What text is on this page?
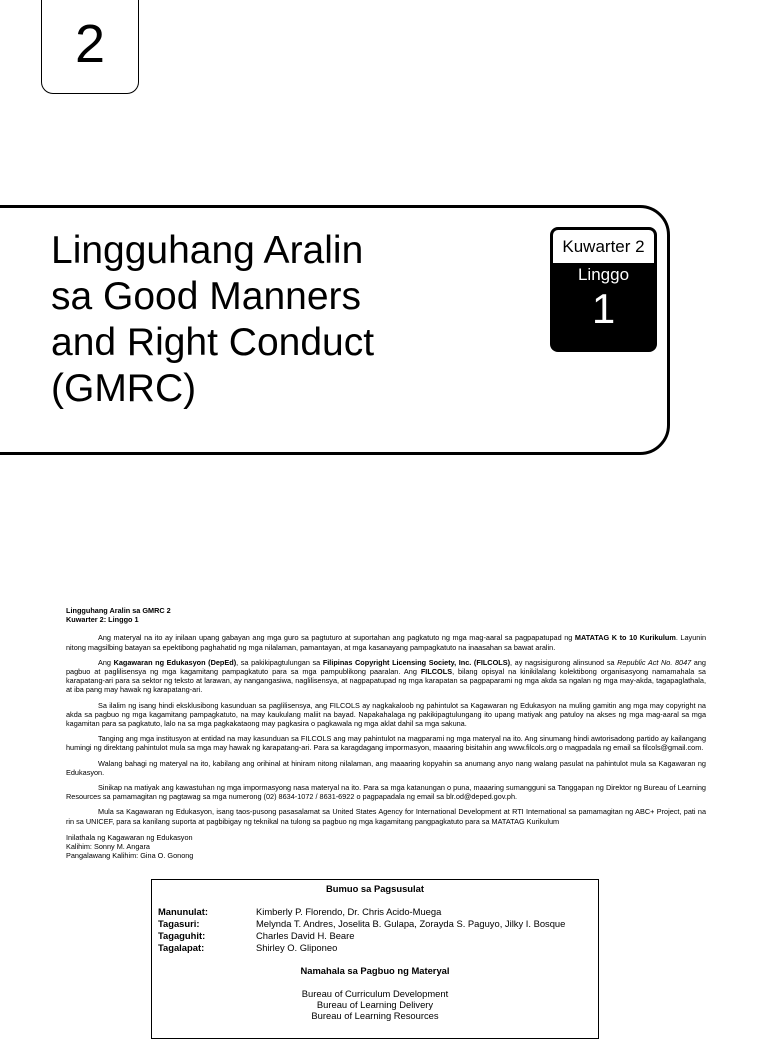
2
Lingguhang Aralin
sa Good Manners
and Right Conduct
(GMRC)
Kuwarter 2
Linggo
1
Lingguhang Aralin sa GMRC 2
Kuwarter 2: Linggo 1

Ang materyal na ito ay inilaan upang gabayan ang mga guro sa pagtuturo at suportahan ang pagkatuto ng mga mag-aaral sa pagpapatupad ng MATATAG K to 10 Kurikulum. Layunin nitong magsilbing batayan sa epektibong paghahatid ng mga nilalaman, pamantayan, at mga kasanayang pampagkatuto na inaasahan sa bawat aralin.

Ang Kagawaran ng Edukasyon (DepEd), sa pakikipagtulungan sa Filipinas Copyright Licensing Society, Inc. (FILCOLS), ay nagsisigurong alinsunod sa Republic Act No. 8047 ang pagbuo at paglilisensya ng mga kagamitang pampagkatuto para sa mga pampublikong paaralan. Ang FILCOLS, bilang opisyal na kinikilalang kolektibong organisasyong namamahala sa karapatang-ari para sa sektor ng teksto at larawan, ay nangangasiwa, naglilisensya, at nagpapatupad ng mga karapatan sa pagpaparami ng mga akda sa ngalan ng mga may-akda, tagapaglathala, at iba pang may hawak ng karapatang-ari.

Sa ilalim ng isang hindi eksklusibong kasunduan sa paglilisensya, ang FILCOLS ay nagkakaloob ng pahintulot sa Kagawaran ng Edukasyon na muling gamitin ang mga may copyright na akda sa pagbuo ng mga kagamitang pampagkatuto, na may kaukulang maliit na bayad. Napakahalaga ng pakikipagtulungang ito upang matiyak ang patuloy na akses ng mga mag-aaral sa mga kagamitan para sa pagkatuto, lalo na sa mga pagkakataong may pagkasira o pagkawala ng mga aklat dahil sa mga sakuna.

Tanging ang mga institusyon at entidad na may kasunduan sa FILCOLS ang may pahintulot na magparami ng mga materyal na ito. Ang sinumang hindi awtorisadong partido ay kailangang humingi ng direktang pahintulot mula sa mga may hawak ng karapatang-ari. Para sa karagdagang impormasyon, maaaring bisitahin ang www.filcols.org o magpadala ng email sa filcols@gmail.com.

Walang bahagi ng materyal na ito, kabilang ang orihinal at hiniram nitong nilalaman, ang maaaring kopyahin sa anumang anyo nang walang pasulat na pahintulot mula sa Kagawaran ng Edukasyon.

Sinikap na matiyak ang kawastuhan ng mga impormasyong nasa materyal na ito. Para sa mga katanungan o puna, maaaring sumangguni sa Tanggapan ng Direktor ng Bureau of Learning Resources sa pamamagitan ng pagtawag sa mga numerong (02) 8634-1072 / 8631-6922 o pagpapadala ng email sa blr.od@deped.gov.ph.

Mula sa Kagawaran ng Edukasyon, isang taos-pusong pasasalamat sa United States Agency for International Development at RTI International sa pamamagitan ng ABC+ Project, pati na rin sa UNICEF, para sa kanilang suporta at pagbibigay ng teknikal na tulong sa pagbuo ng mga kagamitang pangpagkatuto para sa MATATAG Kurikulum

Inilathala ng Kagawaran ng Edukasyon
Kalihim: Sonny M. Angara
Pangalawang Kalihim: Gina O. Gonong
Bumuo sa Pagsusulat
Manunulat:	Kimberly P. Florendo, Dr. Chris Acido-Muega
Tagasuri:	Melynda T. Andres, Joselita B. Gulapa, Zorayda S. Paguyo, Jilky I. Bosque
Tagaguhit:	Charles David H. Beare
Tagalapat:	Shirley O. Gliponeo
Namahala sa Pagbuo ng Materyal
Bureau of Curriculum Development
Bureau of Learning Delivery
Bureau of Learning Resources
